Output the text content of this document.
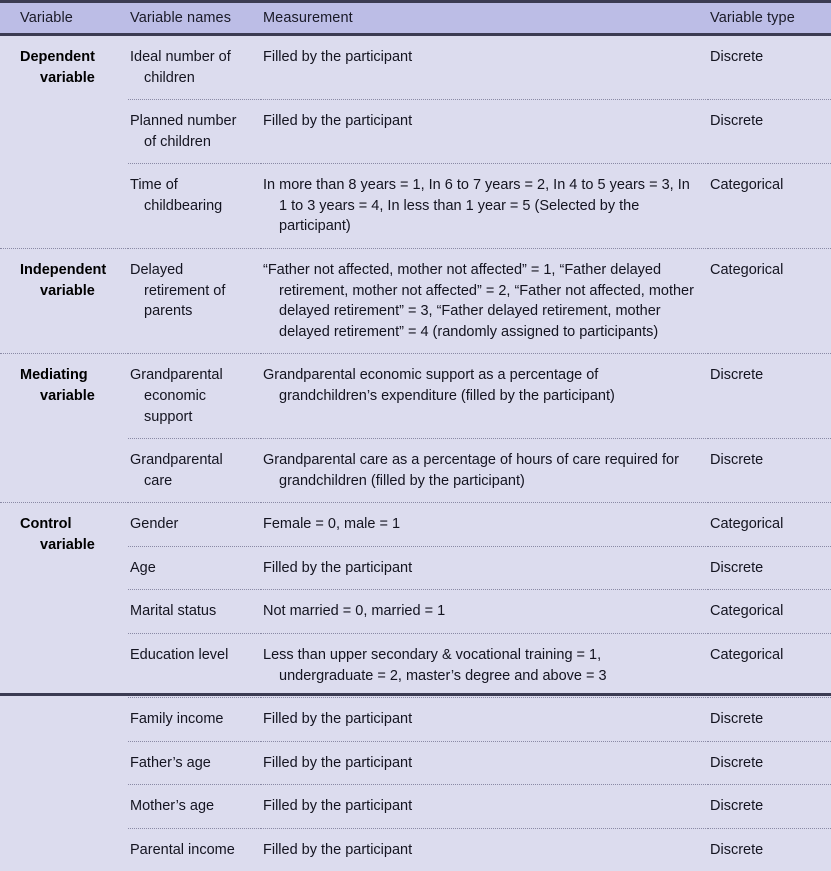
Variable	Variable names	Measurement	Variable type
Dependent variable	Ideal number of children	Filled by the participant	Discrete

	Planned number of children	Filled by the participant	Discrete

	Time of childbearing	In more than 8 years = 1, In 6 to 7 years = 2, In 4 to 5 years = 3, In 1 to 3 years = 4, In less than 1 year = 5 (Selected by the participant)	Categorical

Independent variable	Delayed retirement of parents	“Father not affected, mother not affected” = 1, “Father delayed retirement, mother not affected” = 2, “Father not affected, mother delayed retirement” = 3, “Father delayed retirement, mother delayed retirement” = 4 (randomly assigned to participants)	Categorical

Mediating variable	Grandparental economic support	Grandparental economic support as a percentage of grandchildren’s expenditure (filled by the participant)	Discrete

	Grandparental care	Grandparental care as a percentage of hours of care required for grandchildren (filled by the participant)	Discrete

Control variable	Gender	Female = 0, male = 1	Categorical

	Age	Filled by the participant	Discrete

	Marital status	Not married = 0, married = 1	Categorical

	Education level	Less than upper secondary & vocational training = 1, undergraduate = 2, master’s degree and above = 3	Categorical

	Family income	Filled by the participant	Discrete

	Father’s age	Filled by the participant	Discrete

	Mother’s age	Filled by the participant	Discrete

	Parental income	Filled by the participant	Discrete
